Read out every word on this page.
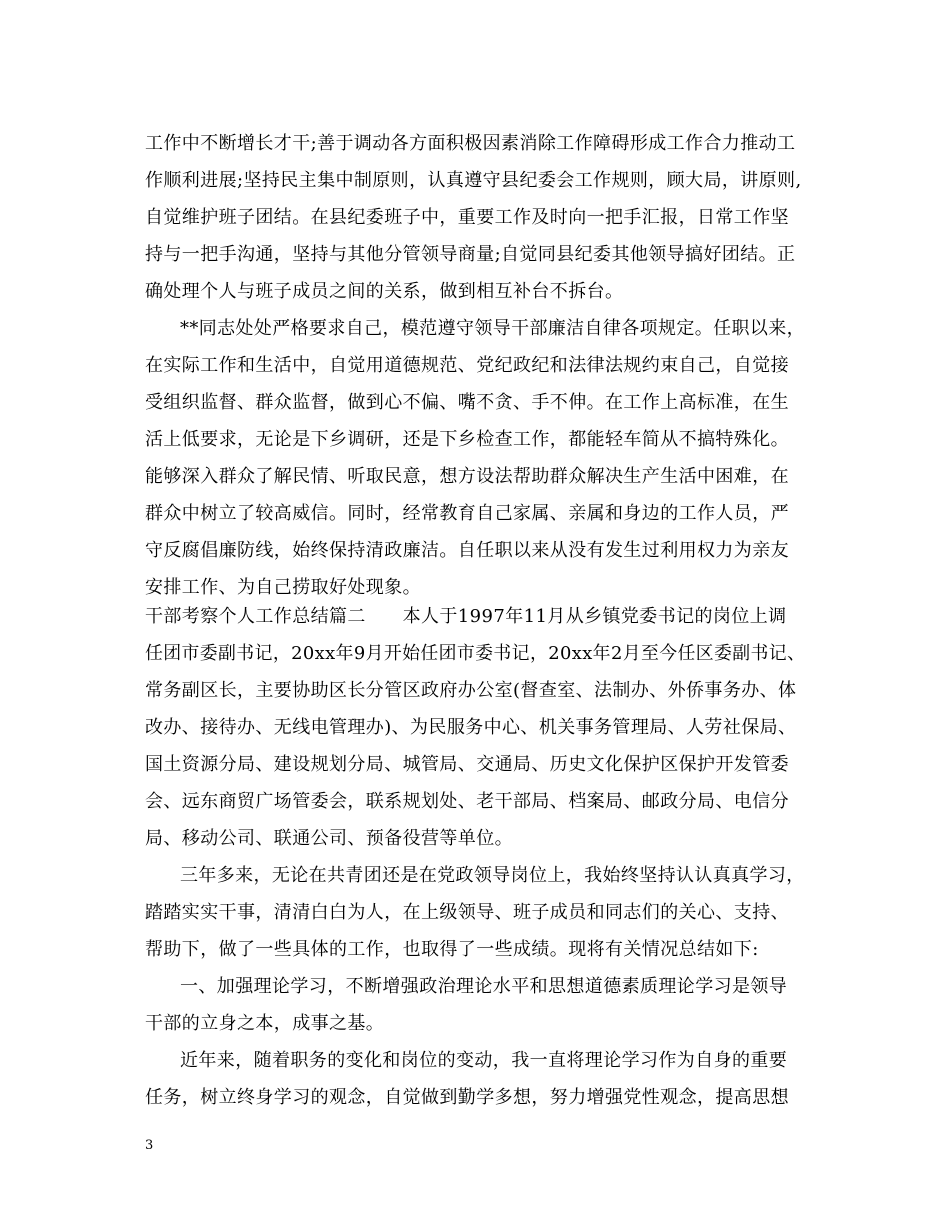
工作中不断增长才干;善于调动各方面积极因素消除工作障碍形成工作合力推动工
作顺利进展;坚持民主集中制原则，认真遵守县纪委会工作规则，顾大局，讲原则,
自觉维护班子团结。在县纪委班子中，重要工作及时向一把手汇报，日常工作坚
持与一把手沟通，坚持与其他分管领导商量;自觉同县纪委其他领导搞好团结。正
确处理个人与班子成员之间的关系，做到相互补台不拆台。
**同志处处严格要求自己，模范遵守领导干部廉洁自律各项规定。任职以来，
在实际工作和生活中，自觉用道德规范、党纪政纪和法律法规约束自己，自觉接
受组织监督、群众监督，做到心不偏、嘴不贪、手不伸。在工作上高标准，在生
活上低要求，无论是下乡调研，还是下乡检查工作，都能轻车简从不搞特殊化。
能够深入群众了解民情、听取民意，想方设法帮助群众解决生产生活中困难，在
群众中树立了较高威信。同时，经常教育自己家属、亲属和身边的工作人员，严
守反腐倡廉防线，始终保持清政廉洁。自任职以来从没有发生过利用权力为亲友
安排工作、为自己捞取好处现象。
干部考察个人工作总结篇二　　本人于1997年11月从乡镇党委书记的岗位上调
任团市委副书记，20xx年9月开始任团市委书记，20xx年2月至今任区委副书记、
常务副区长，主要协助区长分管区政府办公室(督查室、法制办、外侨事务办、体
改办、接待办、无线电管理办)、为民服务中心、机关事务管理局、人劳社保局、
国土资源分局、建设规划分局、城管局、交通局、历史文化保护区保护开发管委
会、远东商贸广场管委会，联系规划处、老干部局、档案局、邮政分局、电信分
局、移动公司、联通公司、预备役营等单位。
三年多来，无论在共青团还是在党政领导岗位上，我始终坚持认认真真学习，
踏踏实实干事，清清白白为人，在上级领导、班子成员和同志们的关心、支持、
帮助下，做了一些具体的工作，也取得了一些成绩。现将有关情况总结如下:
一、加强理论学习，不断增强政治理论水平和思想道德素质理论学习是领导
干部的立身之本，成事之基。
近年来，随着职务的变化和岗位的变动，我一直将理论学习作为自身的重要
任务，树立终身学习的观念，自觉做到勤学多想，努力增强党性观念，提高思想
3
